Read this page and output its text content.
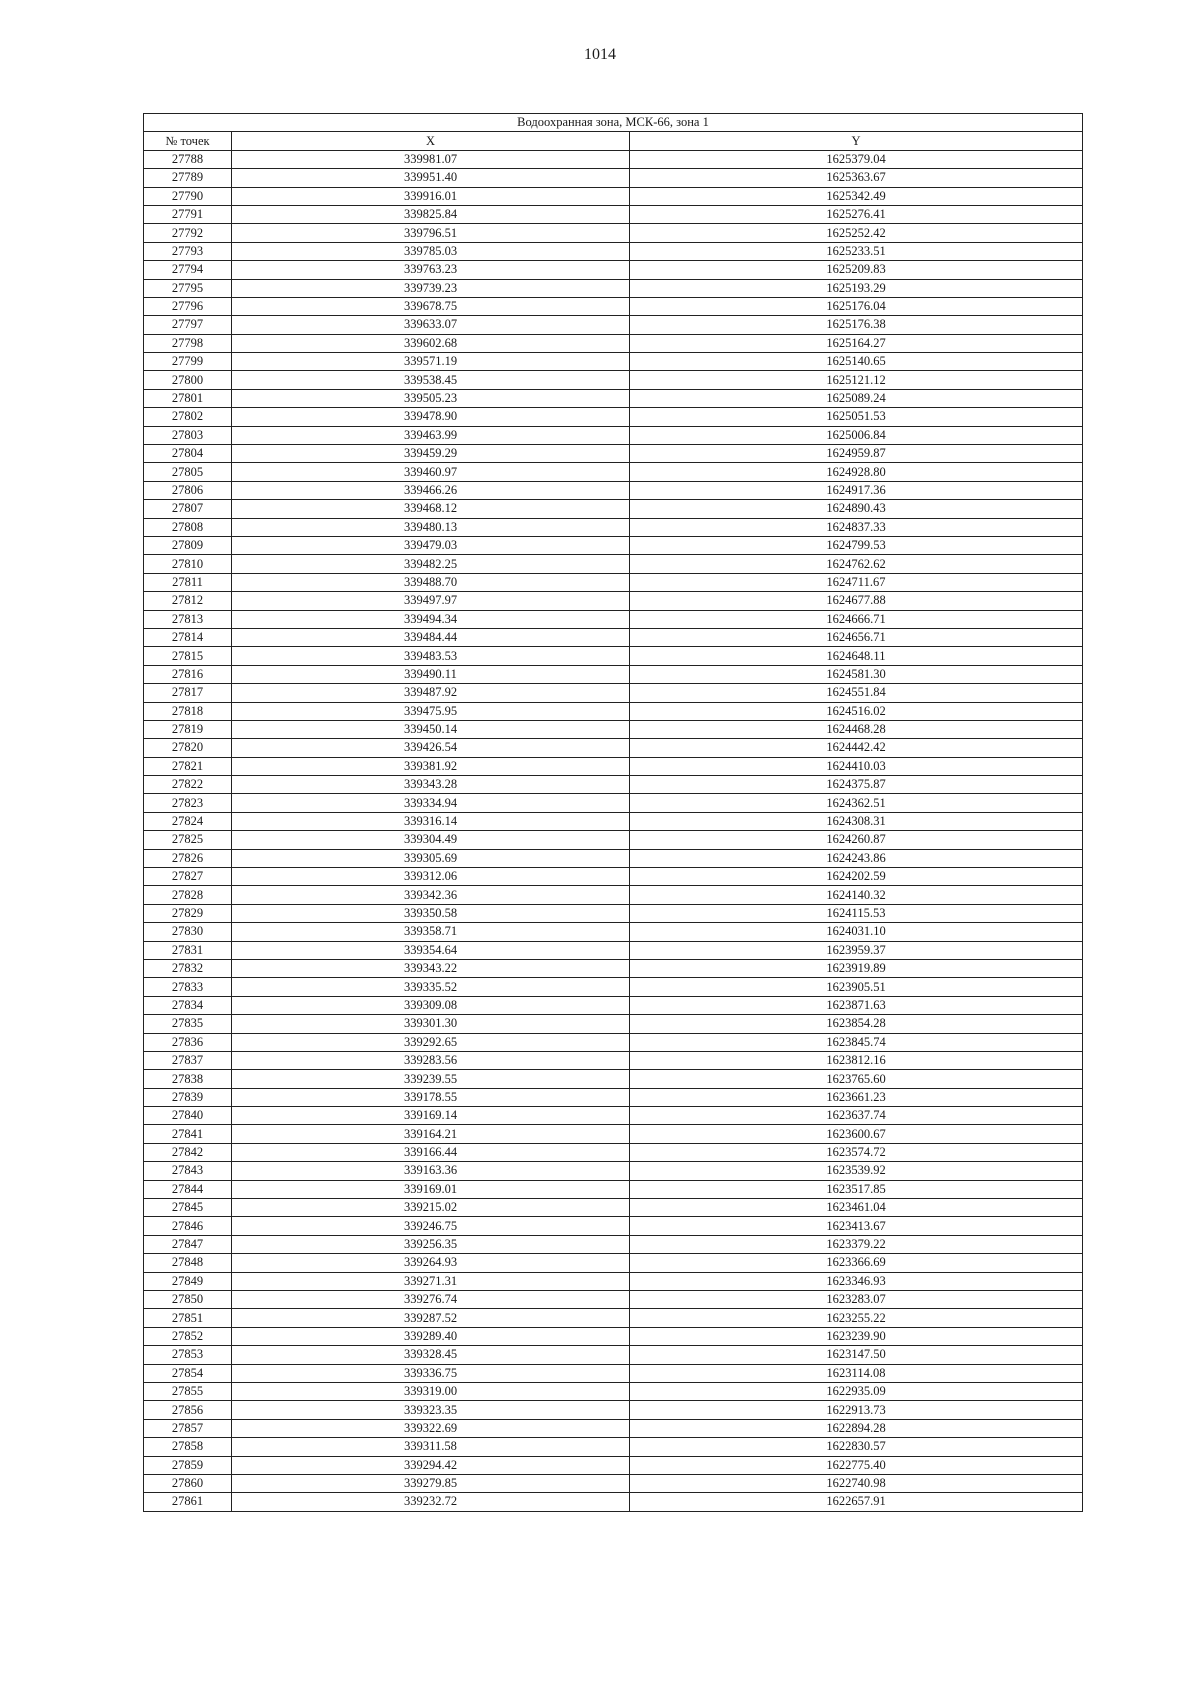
1014
Водоохранная зона, МСК-66, зона 1		
№ точек	X	Y
27788	339981.07	1625379.04
27789	339951.40	1625363.67
27790	339916.01	1625342.49
27791	339825.84	1625276.41
27792	339796.51	1625252.42
27793	339785.03	1625233.51
27794	339763.23	1625209.83
27795	339739.23	1625193.29
27796	339678.75	1625176.04
27797	339633.07	1625176.38
27798	339602.68	1625164.27
27799	339571.19	1625140.65
27800	339538.45	1625121.12
27801	339505.23	1625089.24
27802	339478.90	1625051.53
27803	339463.99	1625006.84
27804	339459.29	1624959.87
27805	339460.97	1624928.80
27806	339466.26	1624917.36
27807	339468.12	1624890.43
27808	339480.13	1624837.33
27809	339479.03	1624799.53
27810	339482.25	1624762.62
27811	339488.70	1624711.67
27812	339497.97	1624677.88
27813	339494.34	1624666.71
27814	339484.44	1624656.71
27815	339483.53	1624648.11
27816	339490.11	1624581.30
27817	339487.92	1624551.84
27818	339475.95	1624516.02
27819	339450.14	1624468.28
27820	339426.54	1624442.42
27821	339381.92	1624410.03
27822	339343.28	1624375.87
27823	339334.94	1624362.51
27824	339316.14	1624308.31
27825	339304.49	1624260.87
27826	339305.69	1624243.86
27827	339312.06	1624202.59
27828	339342.36	1624140.32
27829	339350.58	1624115.53
27830	339358.71	1624031.10
27831	339354.64	1623959.37
27832	339343.22	1623919.89
27833	339335.52	1623905.51
27834	339309.08	1623871.63
27835	339301.30	1623854.28
27836	339292.65	1623845.74
27837	339283.56	1623812.16
27838	339239.55	1623765.60
27839	339178.55	1623661.23
27840	339169.14	1623637.74
27841	339164.21	1623600.67
27842	339166.44	1623574.72
27843	339163.36	1623539.92
27844	339169.01	1623517.85
27845	339215.02	1623461.04
27846	339246.75	1623413.67
27847	339256.35	1623379.22
27848	339264.93	1623366.69
27849	339271.31	1623346.93
27850	339276.74	1623283.07
27851	339287.52	1623255.22
27852	339289.40	1623239.90
27853	339328.45	1623147.50
27854	339336.75	1623114.08
27855	339319.00	1622935.09
27856	339323.35	1622913.73
27857	339322.69	1622894.28
27858	339311.58	1622830.57
27859	339294.42	1622775.40
27860	339279.85	1622740.98
27861	339232.72	1622657.91
